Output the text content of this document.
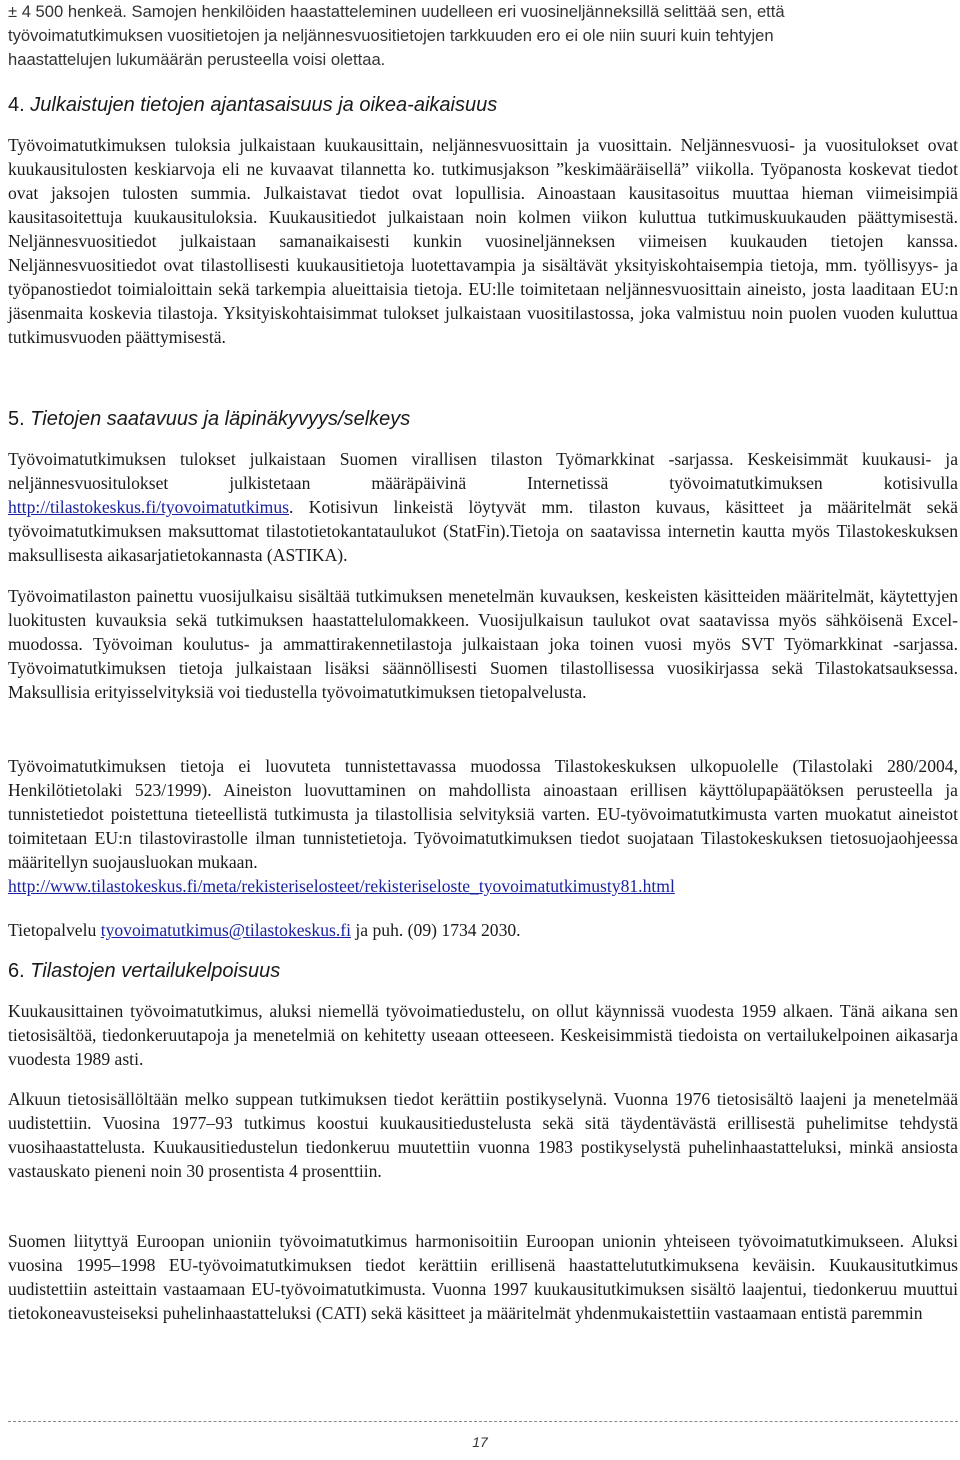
± 4 500 henkeä. Samojen henkilöiden haastatteleminen uudelleen eri vuosineljänneksillä selittää sen, että

työvoimatutkimuksen vuositietojen ja neljännesvuositietojen tarkkuuden ero ei ole niin suuri kuin tehtyjen

haastattelujen lukumäärän perusteella voisi olettaa.

4. Julkaistujen tietojen ajantasaisuus ja oikea-aikaisuus

Työvoimatutkimuksen tuloksia julkaistaan kuukausittain, neljännesvuosittain ja vuosittain. Neljännesvuosi- ja vuositulokset ovat kuukausitulosten keskiarvoja eli ne kuvaavat tilannetta ko. tutkimusjakson ”keskimääräisellä” viikolla. Työpanosta koskevat tiedot ovat jaksojen tulosten summia. Julkaistavat tiedot ovat lopullisia. Ainoastaan kausitasoitus muuttaa hieman viimeisimpiä kausitasoitettuja kuukausituloksia. Kuukausitiedot julkaistaan noin kolmen viikon kuluttua tutkimuskuukauden päättymisestä. Neljännesvuositiedot julkaistaan samanaikaisesti kunkin vuosineljänneksen viimeisen kuukauden tietojen kanssa. Neljännesvuositiedot ovat tilastollisesti kuukausitietoja luotettavampia ja sisältävät yksityiskohtaisempia tietoja, mm. työllisyys- ja työpanostiedot toimialoittain sekä tarkempia alueittaisia tietoja. EU:lle toimitetaan neljännesvuosittain aineisto, josta laaditaan EU:n jäsenmaita koskevia tilastoja. Yksityiskohtaisimmat tulokset julkaistaan vuositilastossa, joka valmistuu noin puolen vuoden kuluttua tutkimusvuoden päättymisestä.

5. Tietojen saatavuus ja läpinäkyvyys/selkeys

Työvoimatutkimuksen tulokset julkaistaan Suomen virallisen tilaston Työmarkkinat -sarjassa. Keskeisimmät kuukausi- ja neljännesvuositulokset julkistetaan määräpäivinä Internetissä työvoimatutkimuksen kotisivulla http://tilastokeskus.fi/tyovoimatutkimus. Kotisivun linkeistä löytyvät mm. tilaston kuvaus, käsitteet ja määritelmät sekä työvoimatutkimuksen maksuttomat tilastotietokantataulukot (StatFin).Tietoja on saatavissa internetin kautta myös Tilastokeskuksen maksullisesta aikasarjatietokannasta (ASTIKA).

Työvoimatilaston painettu vuosijulkaisu sisältää tutkimuksen menetelmän kuvauksen, keskeisten käsitteiden määritelmät, käytettyjen luokitusten kuvauksia sekä tutkimuksen haastattelulomakkeen. Vuosijulkaisun taulukot ovat saatavissa myös sähköisenä Excel-muodossa. Työvoiman koulutus- ja ammattirakennetilastoja julkaistaan joka toinen vuosi myös SVT Työmarkkinat -sarjassa. Työvoimatutkimuksen tietoja julkaistaan lisäksi säännöllisesti Suomen tilastollisessa vuosikirjassa sekä Tilastokatsauksessa. Maksullisia erityisselvityksiä voi tiedustella työvoimatutkimuksen tietopalvelusta.

Työvoimatutkimuksen tietoja ei luovuteta tunnistettavassa muodossa Tilastokeskuksen ulkopuolelle (Tilastolaki 280/2004, Henkilötietolaki 523/1999). Aineiston luovuttaminen on mahdollista ainoastaan erillisen käyttölupapäätöksen perusteella ja tunnistetiedot poistettuna tieteellistä tutkimusta ja tilastollisia selvityksiä varten. EU-työvoimatutkimusta varten muokatut aineistot toimitetaan EU:n tilastovirastolle ilman tunnistetietoja. Työvoimatutkimuksen tiedot suojataan Tilastokeskuksen tietosuojaohjeessa määritellyn suojausluokan mukaan.

http://www.tilastokeskus.fi/meta/rekisteriselosteet/rekisteriseloste_tyovoimatutkimusty81.html

Tietopalvelu tyovoimatutkimus@tilastokeskus.fi ja puh. (09) 1734 2030.

6. Tilastojen vertailukelpoisuus

Kuukausittainen työvoimatutkimus, aluksi niemellä työvoimatiedustelu, on ollut käynnissä vuodesta 1959 alkaen. Tänä aikana sen tietosisältöä, tiedonkeruutapoja ja menetelmiä on kehitetty useaan otteeseen. Keskeisimmistä tiedoista on vertailukelpoinen aikasarja vuodesta 1989 asti.

Alkuun tietosisällöltään melko suppean tutkimuksen tiedot kerättiin postikyselynä. Vuonna 1976 tietosisältö laajeni ja menetelmää uudistettiin. Vuosina 1977–93 tutkimus koostui kuukausitiedustelusta sekä sitä täydentävästä erillisestä puhelimitse tehdystä vuosihaastattelusta. Kuukausitiedustelun tiedonkeruu muutettiin vuonna 1983 postikyselystä puhelinhaastatteluksi, minkä ansiosta vastauskato pieneni noin 30 prosentista 4 prosenttiin.

Suomen liityttyä Euroopan unioniin työvoimatutkimus harmonisoitiin Euroopan unionin yhteiseen työvoimatutkimukseen. Aluksi vuosina 1995–1998 EU-työvoimatutkimuksen tiedot kerättiin erillisenä haastattelututkimuksena keväisin. Kuukausitutkimus uudistettiin asteittain vastaamaan EU-työvoimatutkimusta. Vuonna 1997 kuukausitutkimuksen sisältö laajentui, tiedonkeruu muuttui tietokoneavusteiseksi puhelinhaastatteluksi (CATI) sekä käsitteet ja määritelmät yhdenmukaistettiin vastaamaan entistä paremmin

17
